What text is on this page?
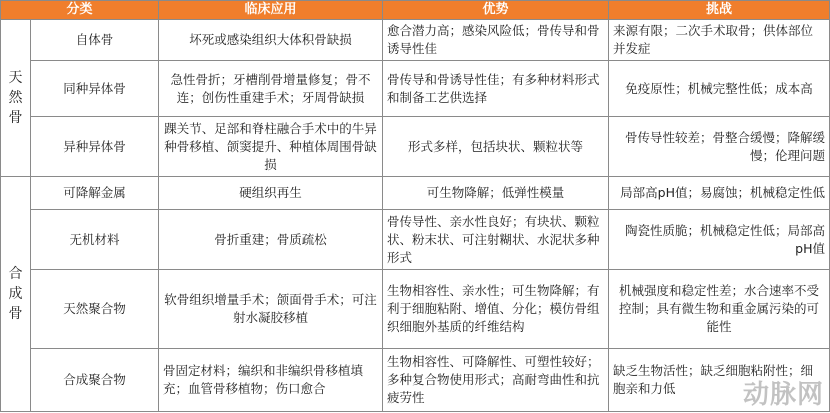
分类		临床应用	优势	挑战
天然骨	自体骨	坏死或感染组织大体积骨缺损	愈合潜力高；感染风险低；骨传导和骨诱导性佳	来源有限；二次手术取骨；供体部位并发症
	同种异体骨	急性骨折；牙槽削骨增量修复；骨不连；创伤性重建手术；牙周骨缺损	骨传导和骨诱导性佳；有多种材料形式和制备工艺供选择	免疫原性；机械完整性低；成本高
	异种异体骨	踝关节、足部和脊柱融合手术中的牛异种骨移植、颌窦提升、种植体周围骨缺损	形式多样，包括块状、颗粒状等	骨传导性较差；骨整合缓慢；降解缓慢；伦理问题
合成骨	可降解金属	硬组织再生	可生物降解；低弹性模量	局部高pH值；易腐蚀；机械稳定性低
	无机材料	骨折重建；骨质疏松	骨传导性、亲水性良好；有块状、颗粒状、粉末状、可注射糊状、水泥状多种形式	陶瓷性质脆；机械稳定性低；局部高pH值
	天然聚合物	软骨组织增量手术；颌面骨手术；可注射水凝胶移植	生物相容性、亲水性；可生物降解；有利于细胞粘附、增值、分化；模仿骨组织细胞外基质的纤维结构	机械强度和稳定性差；水合速率不受控制；具有微生物和重金属污染的可能性
	合成聚合物	骨固定材料；编织和非编织骨移植填充；血管骨移植物；伤口愈合	生物相容性、可降解性、可塑性较好；多种复合物使用形式；高耐弯曲性和抗疲劳性	缺乏生物活性；缺乏细胞粘附性；细胞亲和力低	动脉网
